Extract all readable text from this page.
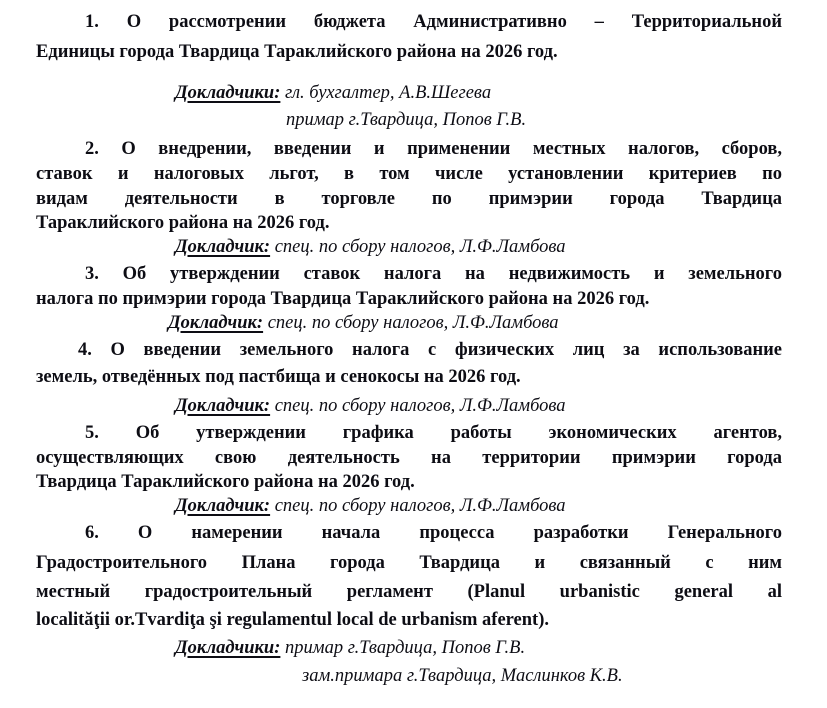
1. О рассмотрении бюджета Административно – Территориальной
Единицы города Твардица Тараклийского района на 2026 год.
Докладчики: гл. бухгалтер, А.В.Шегева
примар г.Твардица, Попов Г.В.
2. О внедрении, введении и применении местных налогов, сборов,
ставок и налоговых льгот, в том числе установлении критериев по
видам деятельности в торговле по примэрии города Твардица
Тараклийского района на 2026 год.
Докладчик: спец. по сбору налогов, Л.Ф.Ламбова
3. Об утверждении ставок налога на недвижимость и земельного
налога по примэрии города Твардица Тараклийского района на 2026 год.
Докладчик: спец. по сбору налогов, Л.Ф.Ламбова
4. О введении земельного налога с физических лиц за использование
земель, отведённых под пастбища и сенокосы на 2026 год.
Докладчик: спец. по сбору налогов, Л.Ф.Ламбова
5. Об утверждении графика работы экономических агентов,
осуществляющих свою деятельность на территории примэрии города
Твардица Тараклийского района на 2026 год.
Докладчик: спец. по сбору налогов, Л.Ф.Ламбова
6. О намерении начала процесса разработки Генерального
Градостроительного Плана города Твардица и связанный с ним
местный градостроительный регламент (Planul urbanistic general al
localităţii or.Tvardiţa şi regulamentul local de urbanism aferent).
Докладчики: примар г.Твардица, Попов Г.В.
зам.примара г.Твардица, Маслинков К.В.
